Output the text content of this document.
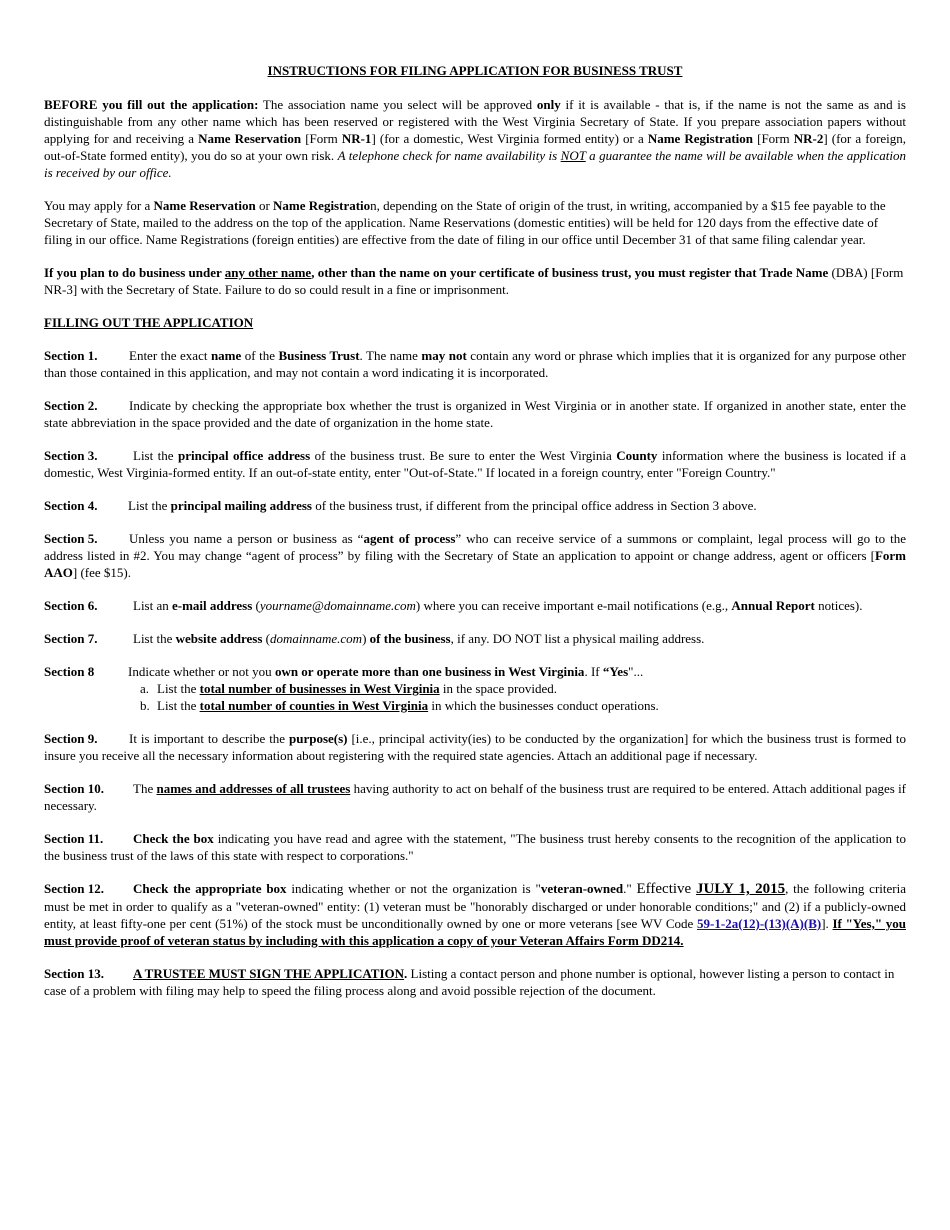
INSTRUCTIONS FOR FILING APPLICATION FOR BUSINESS TRUST

BEFORE you fill out the application: The association name you select will be approved only if it is available - that is, if the name is not the same as and is distinguishable from any other name which has been reserved or registered with the West Virginia Secretary of State. If you prepare association papers without applying for and receiving a Name Reservation [Form NR-1] (for a domestic, West Virginia formed entity) or a Name Registration [Form NR-2] (for a foreign, out-of-State formed entity), you do so at your own risk. A telephone check for name availability is NOT a guarantee the name will be available when the application is received by our office.

You may apply for a Name Reservation or Name Registration, depending on the State of origin of the trust, in writing, accompanied by a $15 fee payable to the Secretary of State, mailed to the address on the top of the application. Name Reservations (domestic entities) will be held for 120 days from the effective date of filing in our office. Name Registrations (foreign entities) are effective from the date of filing in our office until December 31 of that same filing calendar year.

If you plan to do business under any other name, other than the name on your certificate of business trust, you must register that Trade Name (DBA) [Form NR-3] with the Secretary of State. Failure to do so could result in a fine or imprisonment.

FILLING OUT THE APPLICATION

Section 1. Enter the exact name of the Business Trust. The name may not contain any word or phrase which implies that it is organized for any purpose other than those contained in this application, and may not contain a word indicating it is incorporated.

Section 2. Indicate by checking the appropriate box whether the trust is organized in West Virginia or in another state. If organized in another state, enter the state abbreviation in the space provided and the date of organization in the home state.

Section 3.	List the principal office address of the business trust. Be sure to enter the West Virginia County information where the business is located if a domestic, West Virginia-formed entity. If an out-of-state entity, enter "Out-of-State." If located in a foreign country, enter "Foreign Country."

Section 4. List the principal mailing address of the business trust, if different from the principal office address in Section 3 above.

Section 5. Unless you name a person or business as “agent of process” who can receive service of a summons or complaint, legal process will go to the address listed in #2. You may change “agent of process” by filing with the Secretary of State an application to appoint or change address, agent or officers [Form AAO] (fee $15).

Section 6.	List an e-mail address (yourname@domainname.com) where you can receive important e-mail notifications (e.g., Annual Report notices).

Section 7.	List the website address (domainname.com) of the business, if any. DO NOT list a physical mailing address.

Section 8	Indicate whether or not you own or operate more than one business in West Virginia. If “Yes"...
a. List the total number of businesses in West Virginia in the space provided.
b. List the total number of counties in West Virginia in which the businesses conduct operations.

Section 9. It is important to describe the purpose(s) [i.e., principal activity(ies) to be conducted by the organization] for which the business trust is formed to insure you receive all the necessary information about registering with the required state agencies. Attach an additional page if necessary.

Section 10. The names and addresses of all trustees having authority to act on behalf of the business trust are required to be entered. Attach additional pages if necessary.

Section 11. Check the box indicating you have read and agree with the statement, "The business trust hereby consents to the recognition of the application to the business trust of the laws of this state with respect to corporations."

Section 12. Check the appropriate box indicating whether or not the organization is "veteran-owned." Effective JULY 1, 2015, the following criteria must be met in order to qualify as a "veteran-owned" entity: (1) veteran must be "honorably discharged or under honorable conditions;" and (2) if a publicly-owned entity, at least fifty-one per cent (51%) of the stock must be unconditionally owned by one or more veterans [see WV Code 59-1-2a(12)-(13)(A)(B)]. If "Yes," you must provide proof of veteran status by including with this application a copy of your Veteran Affairs Form DD214.

Section 13. A TRUSTEE MUST SIGN THE APPLICATION. Listing a contact person and phone number is optional, however listing a person to contact in case of a problem with filing may help to speed the filing process along and avoid possible rejection of the document.
